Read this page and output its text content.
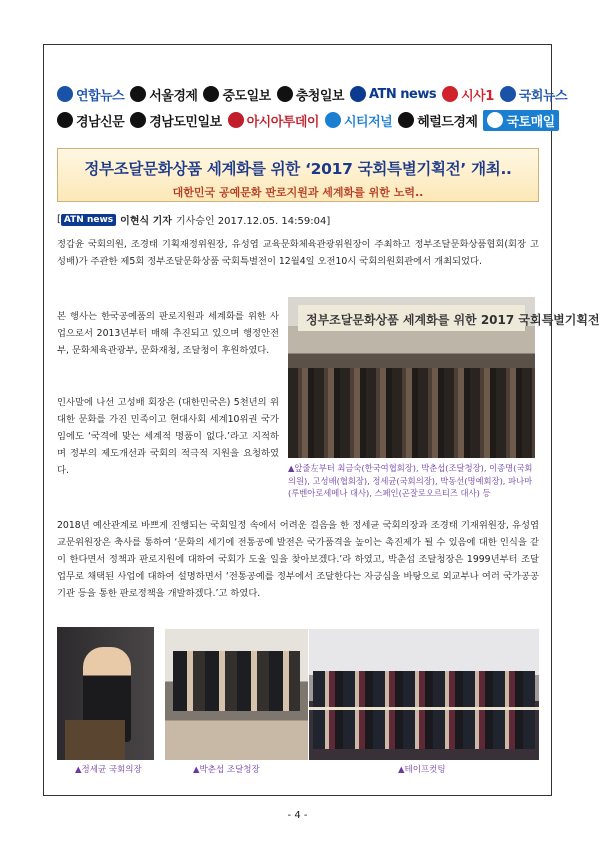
연합뉴스 서울경제 중도일보 충청일보 ATN news 시사1 국회뉴스
경남신문 경남도민일보 아시아투데이 시티저널 헤럴드경제 국토매일
정부조달문화상품 세계화를 위한 ‘2017 국회특별기획전’ 개최..
대한민국 공예문화 판로지원과 세계화를 위한 노력..
[ ATN news 이현식 기자 기사승인 2017.12.05. 14:59:04]
정갑윤 국회의원, 조경태 기획재정위원장, 유성엽 교육문화체육관광위원장이 주최하고 정부조달문화상품협회(회장 고성배)가 주관한 제5회 정부조달문화상품 국회특별전이 12월4일 오전10시 국회의원회관에서 개최되었다.
본 행사는 한국공예품의 판로지원과 세계화를 위한 사업으로서 2013년부터 매해 추진되고 있으며 행정안전부, 문화체육관광부, 문화재청, 조달청이 후원하였다.
인사말에 나선 고성배 회장은 (대한민국은) 5천년의 위대한 문화를 가진 민족이고 현대사회 세계10위권 국가임에도 ‘국격에 맞는 세계적 명품이 없다.’라고 지적하며 정부의 제도개선과 국회의 적극적 지원을 요청하였다.
정부조달문화상품 세계화를 위한 2017 국회특별기획전
▲앞줄左부터 최금숙(한국여협회장), 박춘섭(조달청장), 이종명(국회의원), 고성배(협회장), 정세균(국회의장), 박동선(명예회장), 파나마(루벤아로세메나 대사), 스페인(곤잘로오르티즈 대사) 등
2018년 예산관계로 바쁘게 진행되는 국회일정 속에서 어려운 걸음을 한 정세균 국회의장과 조경태 기재위원장, 유성엽 교문위원장은 축사를 통하여 ‘문화의 세기에 전통공예 발전은 국가품격을 높이는 촉진제가 될 수 있음에 대한 인식을 같이 한다면서 정책과 판로지원에 대하여 국회가 도울 일을 찾아보겠다.’라 하였고, 박춘섭 조달청장은 1999년부터 조달업무로 채택된 사업에 대하여 설명하면서 ‘전통공예를 정부에서 조달한다는 자긍심을 바탕으로 외교부나 여러 국가공공기관 등을 통한 판로정책을 개발하겠다.’고 하였다.
▲정세균 국회의장	▲박춘섭 조달청장	▲테이프컷팅
- 4 -
